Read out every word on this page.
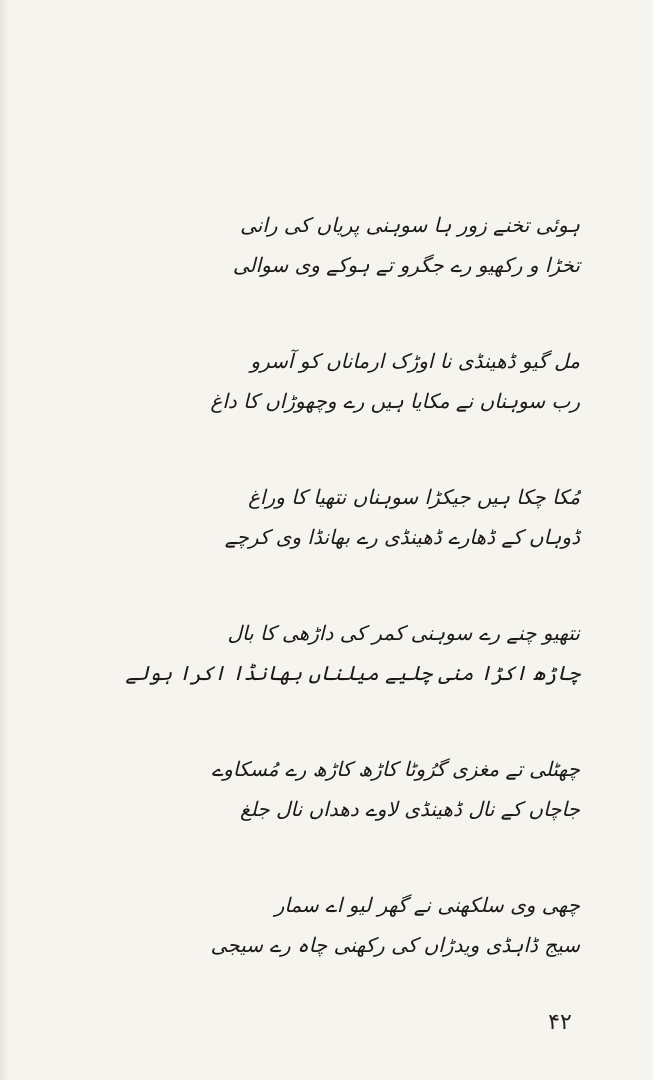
ہوئی تخنے زور ہا سوہنی پریاں کی رانی
تخڑا و رکھیو رے جگرو تے ہوکے وی سوالی
مل گیو ڈھینڈی نا اوڑک ارماناں کو آسرو
رب سوہناں نے مکایا ہیں رے وچھوڑاں کا داغ
مُکا چکا ہیں جیکڑا سوہناں نتھیا کا وراغ
ڈوہاں کے ڈھارے ڈھینڈی رے بھانڈا وی کرچے
نتھیو چنے رے سوہنی کمر کی داڑھی کا بال
چاڑھ اکڑا منی چلیے میلناں بھانڈا اکرا ہولے
چھٹلی تے مغزی گرُوٹا کاڑھ کاڑھ رے مُسکاوے
جاچاں کے نال ڈھینڈی لاوے دھداں نال جلغ
چھی وی سلکھنی نے گھر لیو اے سمار
سیج ڈاہڈی ویدڑاں کی رکھنی چاہ رے سیجی
۴۲
